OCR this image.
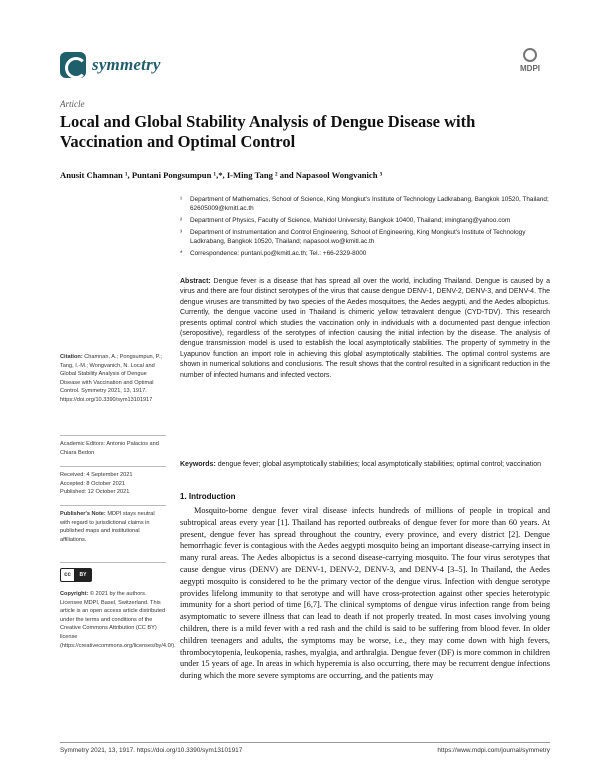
symmetry	MDPI
Article
Local and Global Stability Analysis of Dengue Disease with Vaccination and Optimal Control
Anusit Chamnan ¹, Puntani Pongsumpun ¹,*, I-Ming Tang ² and Napasool Wongvanich ³
¹	Department of Mathematics, School of Science, King Mongkut's Institute of Technology Ladkrabang, Bangkok 10520, Thailand; 62605009@kmitl.ac.th
²	Department of Physics, Faculty of Science, Mahidol University, Bangkok 10400, Thailand; imingtang@yahoo.com
³	Department of Instrumentation and Control Engineering, School of Engineering, King Mongkut's Institute of Technology Ladkrabang, Bangkok 10520, Thailand; napasool.wo@kmitl.ac.th
*	Correspondence: puntani.po@kmitl.ac.th; Tel.: +66-2329-8000
Abstract: Dengue fever is a disease that has spread all over the world, including Thailand. Dengue is caused by a virus and there are four distinct serotypes of the virus that cause dengue DENV-1, DENV-2, DENV-3, and DENV-4. The dengue viruses are transmitted by two species of the Aedes mosquitoes, the Aedes aegypti, and the Aedes albopictus. Currently, the dengue vaccine used in Thailand is chimeric yellow tetravalent dengue (CYD-TDV). This research presents optimal control which studies the vaccination only in individuals with a documented past dengue infection (seropositive), regardless of the serotypes of infection causing the initial infection by the disease. The analysis of dengue transmission model is used to establish the local asymptotically stabilities. The property of symmetry in the Lyapunov function an import role in achieving this global asymptotically stabilities. The optimal control systems are shown in numerical solutions and conclusions. The result shows that the control resulted in a significant reduction in the number of infected humans and infected vectors.
Keywords: dengue fever; global asymptotically stabilities; local asymptotically stabilities; optimal control; vaccination
Citation: Chamnan, A.; Pongsumpun, P.; Tang, I.-M.; Wongvanich, N. Local and Global Stability Analysis of Dengue Disease with Vaccination and Optimal Control. Symmetry 2021, 13, 1917. https://doi.org/10.3390/sym13101917
Academic Editors: Antonio Palacios and Chiara Bedon
Received: 4 September 2021
Accepted: 8 October 2021
Published: 12 October 2021
Publisher's Note: MDPI stays neutral with regard to jurisdictional claims in published maps and institutional affiliations.
cc	BY
Copyright: © 2021 by the authors. Licensee MDPI, Basel, Switzerland. This article is an open access article distributed under the terms and conditions of the Creative Commons Attribution (CC BY) license (https://creativecommons.org/licenses/by/4.0/).
1. Introduction
Mosquito-borne dengue fever viral disease infects hundreds of millions of people in tropical and subtropical areas every year [1]. Thailand has reported outbreaks of dengue fever for more than 60 years. At present, dengue fever has spread throughout the country, every province, and every district [2]. Dengue hemorrhagic fever is contagious with the Aedes aegypti mosquito being an important disease-carrying insect in many rural areas. The Aedes albopictus is a second disease-carrying mosquito. The four virus serotypes that cause dengue virus (DENV) are DENV-1, DENV-2, DENV-3, and DENV-4 [3–5]. In Thailand, the Aedes aegypti mosquito is considered to be the primary vector of the dengue virus. Infection with dengue serotype provides lifelong immunity to that serotype and will have cross-protection against other species heterotypic immunity for a short period of time [6,7]. The clinical symptoms of dengue virus infection range from being asymptomatic to severe illness that can lead to death if not properly treated. In most cases involving young children, there is a mild fever with a red rash and the child is said to be suffering from blood fever. In older children teenagers and adults, the symptoms may be worse, i.e., they may come down with high fevers, thrombocytopenia, leukopenia, rashes, myalgia, and arthralgia. Dengue fever (DF) is more common in children under 15 years of age. In areas in which hyperemia is also occurring, there may be recurrent dengue infections during which the more severe symptoms are occurring, and the patients may
Symmetry 2021, 13, 1917. https://doi.org/10.3390/sym13101917	https://www.mdpi.com/journal/symmetry
